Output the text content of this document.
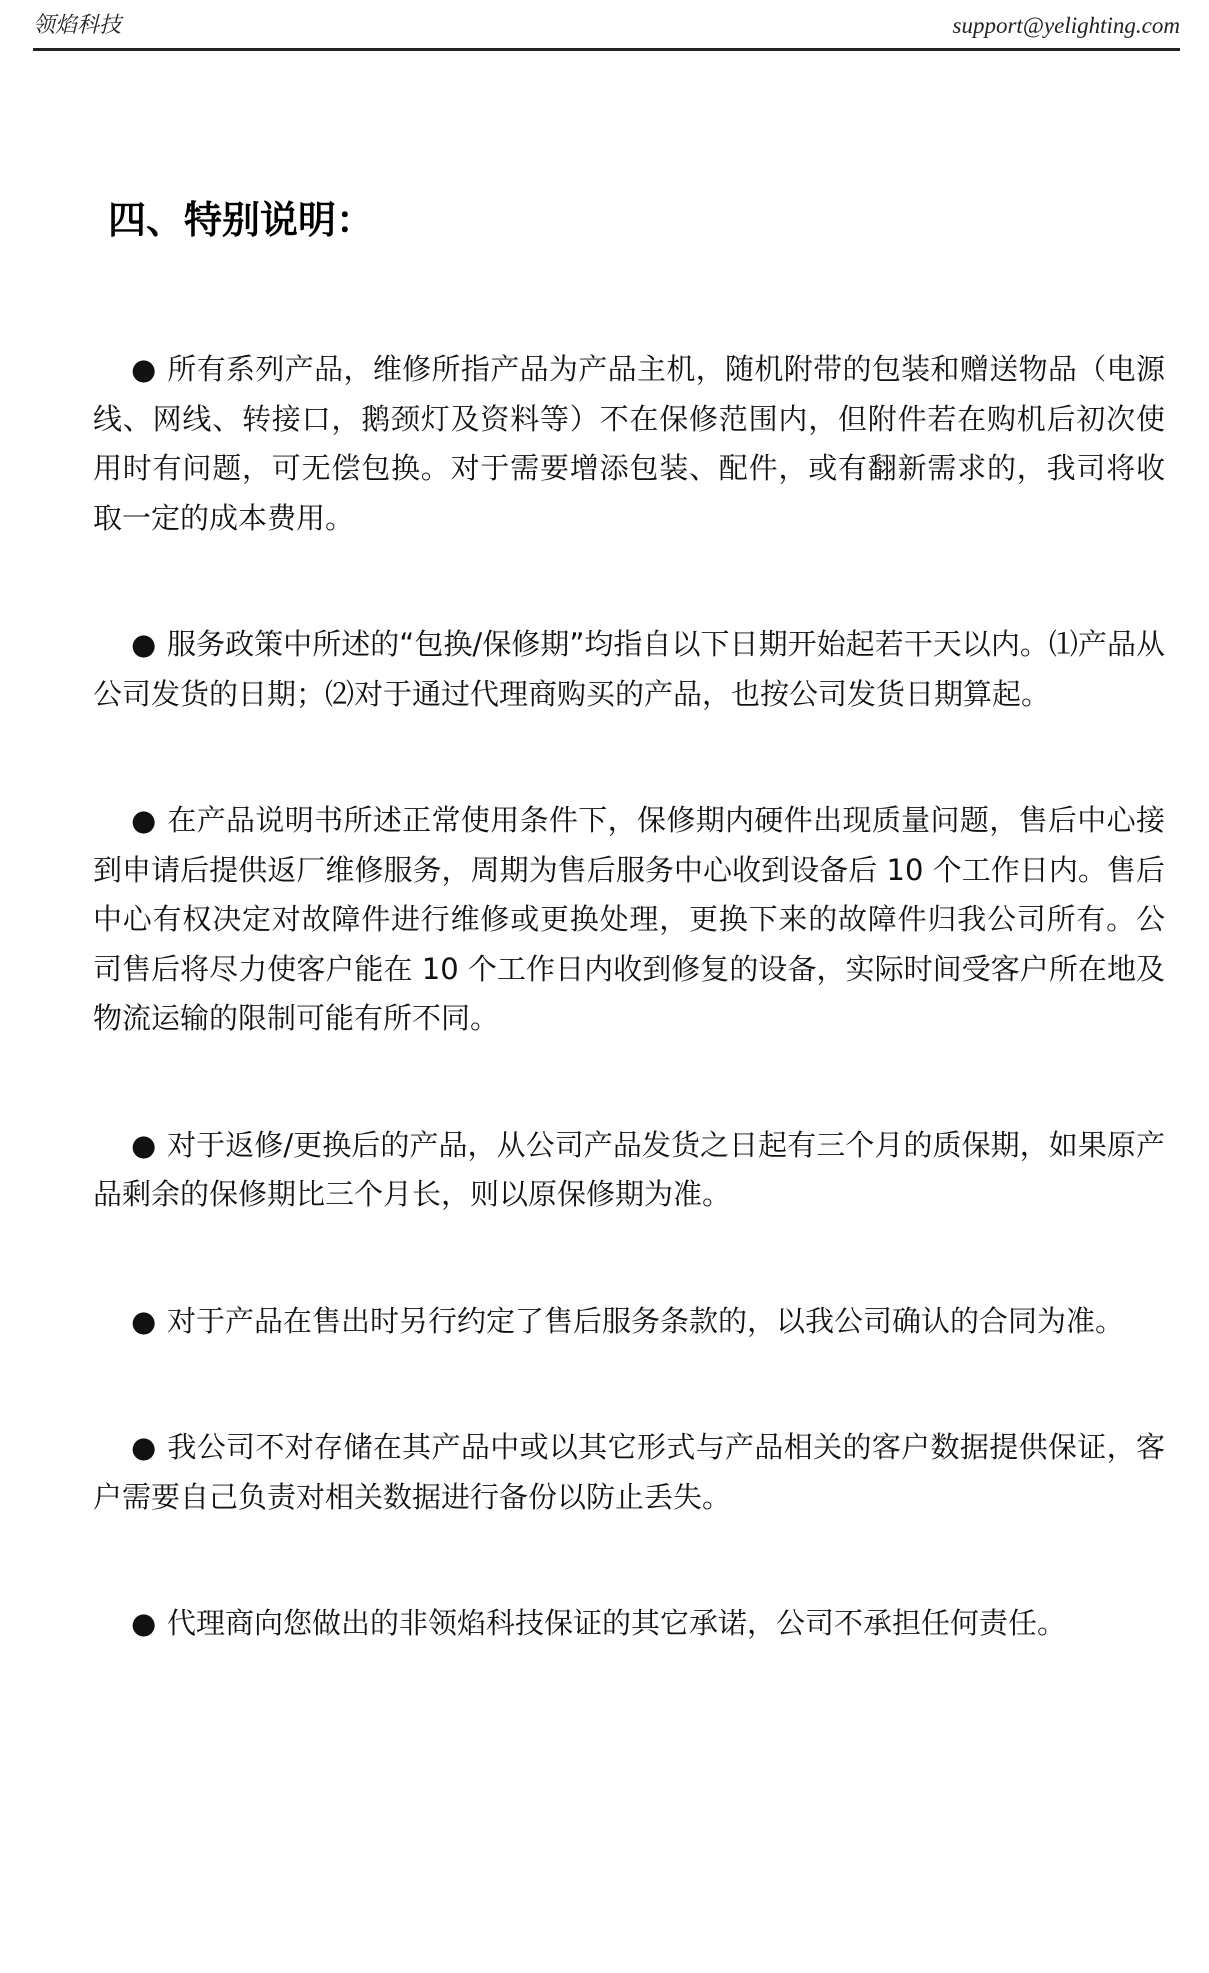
领焰科技	support@yelighting.com
四、特别说明：

● 所有系列产品，维修所指产品为产品主机，随机附带的包装和赠送物品（电源线、网线、转接口，鹅颈灯及资料等）不在保修范围内，但附件若在购机后初次使用时有问题，可无偿包换。对于需要增添包装、配件，或有翻新需求的，我司将收取一定的成本费用。

● 服务政策中所述的“包换/保修期”均指自以下日期开始起若干天以内。⑴产品从公司发货的日期；⑵对于通过代理商购买的产品，也按公司发货日期算起。

● 在产品说明书所述正常使用条件下，保修期内硬件出现质量问题，售后中心接到申请后提供返厂维修服务，周期为售后服务中心收到设备后 10 个工作日内。售后中心有权决定对故障件进行维修或更换处理，更换下来的故障件归我公司所有。公司售后将尽力使客户能在 10 个工作日内收到修复的设备，实际时间受客户所在地及物流运输的限制可能有所不同。

● 对于返修/更换后的产品，从公司产品发货之日起有三个月的质保期，如果原产品剩余的保修期比三个月长，则以原保修期为准。

● 对于产品在售出时另行约定了售后服务条款的，以我公司确认的合同为准。

● 我公司不对存储在其产品中或以其它形式与产品相关的客户数据提供保证，客户需要自己负责对相关数据进行备份以防止丢失。

● 代理商向您做出的非领焰科技保证的其它承诺，公司不承担任何责任。
